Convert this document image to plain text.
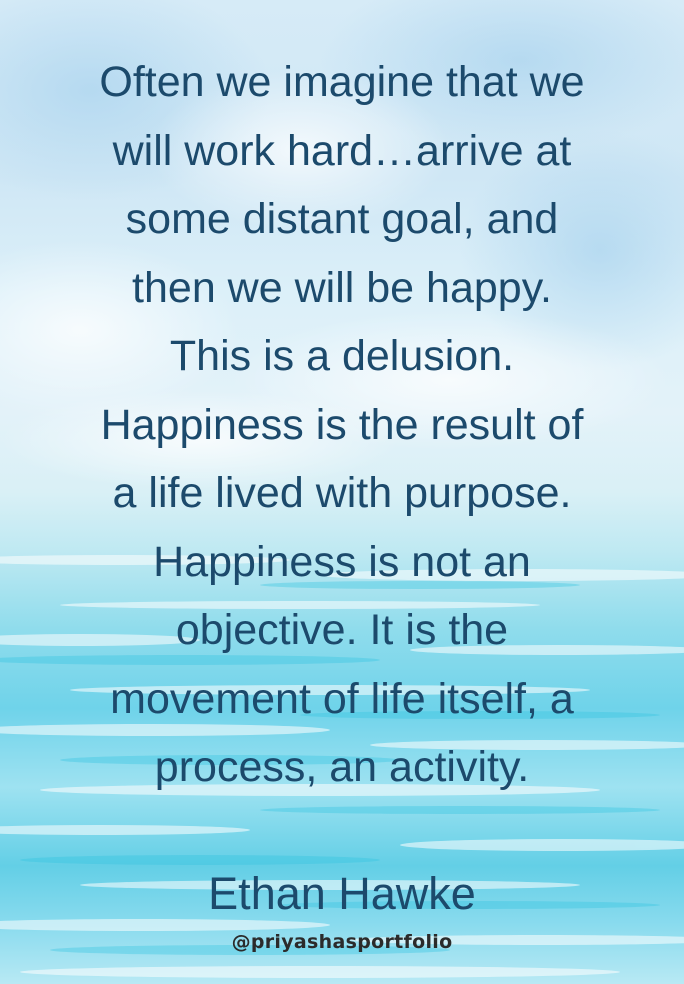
Often we imagine that we
will work hard…arrive at
some distant goal, and
then we will be happy.
This is a delusion.
Happiness is the result of
a life lived with purpose.
Happiness is not an
objective. It is the
movement of life itself, a
process, an activity.

Ethan Hawke
@priyashasportfolio
